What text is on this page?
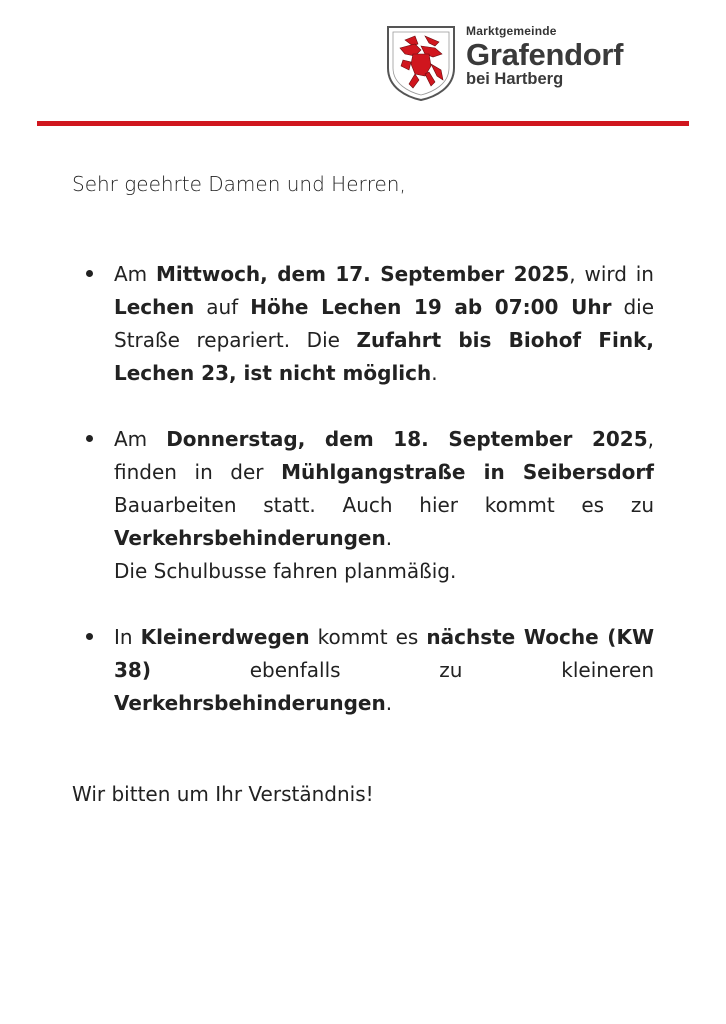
Marktgemeinde
Grafendorf
bei Hartberg
Sehr geehrte Damen und Herren,

Am Mittwoch, dem 17. September 2025, wird in Lechen auf Höhe Lechen 19 ab 07:00 Uhr die Straße repariert. Die Zufahrt bis Biohof Fink, Lechen 23, ist nicht möglich.

Am Donnerstag, dem 18. September 2025, finden in der Mühlgangstraße in Seibersdorf Bauarbeiten statt. Auch hier kommt es zu Verkehrsbehinderungen.

Die Schulbusse fahren planmäßig.

In Kleinerdwegen kommt es nächste Woche (KW 38) ebenfalls zu kleineren Verkehrsbehinderungen.

Wir bitten um Ihr Verständnis!
